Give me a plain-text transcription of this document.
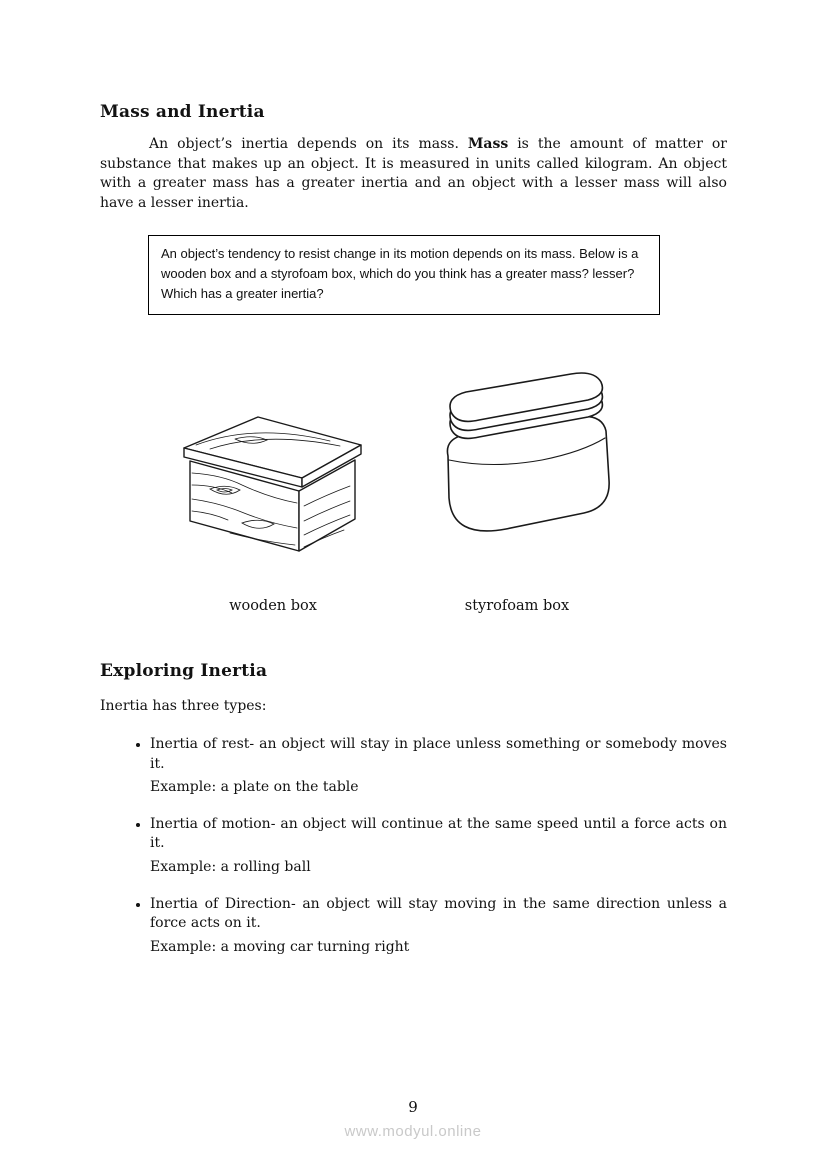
Mass and Inertia

An object’s inertia depends on its mass. Mass is the amount of matter or substance that makes up an object. It is measured in units called kilogram. An object with a greater mass has a greater inertia and an object with a lesser mass will also have a lesser inertia.

An object’s tendency to resist change in its motion depends on its mass. Below is a wooden box and a styrofoam box, which do you think has a greater mass? lesser? Which has a greater inertia?
wooden box	styrofoam box
Exploring Inertia

Inertia has three types:

• Inertia of rest- an object will stay in place unless something or somebody moves it.
Example: a plate on the table
• Inertia of motion- an object will continue at the same speed until a force acts on it.
Example: a rolling ball
• Inertia of Direction- an object will stay moving in the same direction unless a force acts on it.
Example: a moving car turning right
9
www.modyul.online
